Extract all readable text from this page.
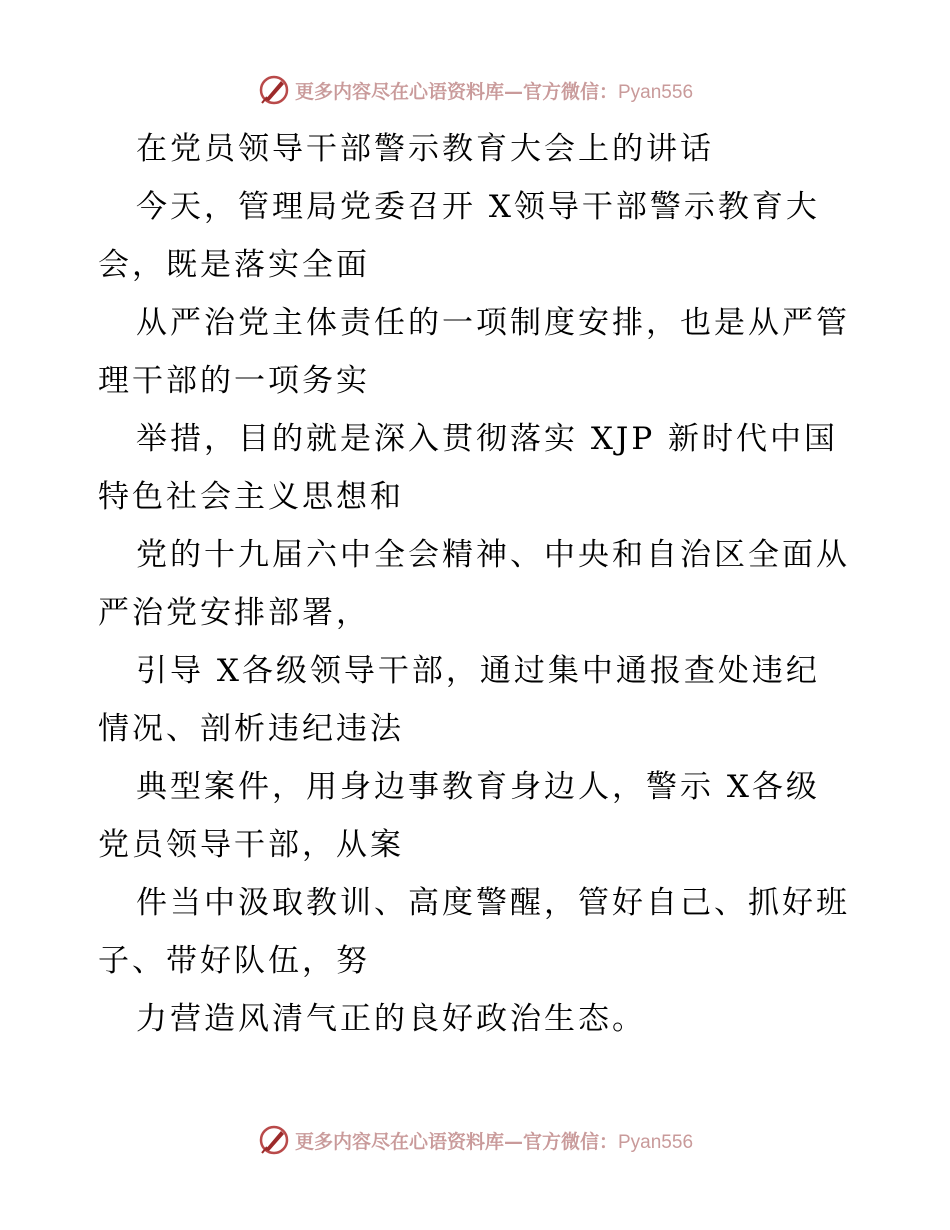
更多内容尽在心语资料库—官方微信：Pyan556
在党员领导干部警示教育大会上的讲话
今天，管理局党委召开 X领导干部警示教育大
会，既是落实全面
从严治党主体责任的一项制度安排，也是从严管
理干部的一项务实
举措，目的就是深入贯彻落实 XJP 新时代中国
特色社会主义思想和
党的十九届六中全会精神、中央和自治区全面从
严治党安排部署，
引导 X各级领导干部，通过集中通报查处违纪
情况、剖析违纪违法
典型案件，用身边事教育身边人，警示 X各级
党员领导干部，从案
件当中汲取教训、高度警醒，管好自己、抓好班
子、带好队伍，努
力营造风清气正的良好政治生态。
更多内容尽在心语资料库—官方微信：Pyan556
